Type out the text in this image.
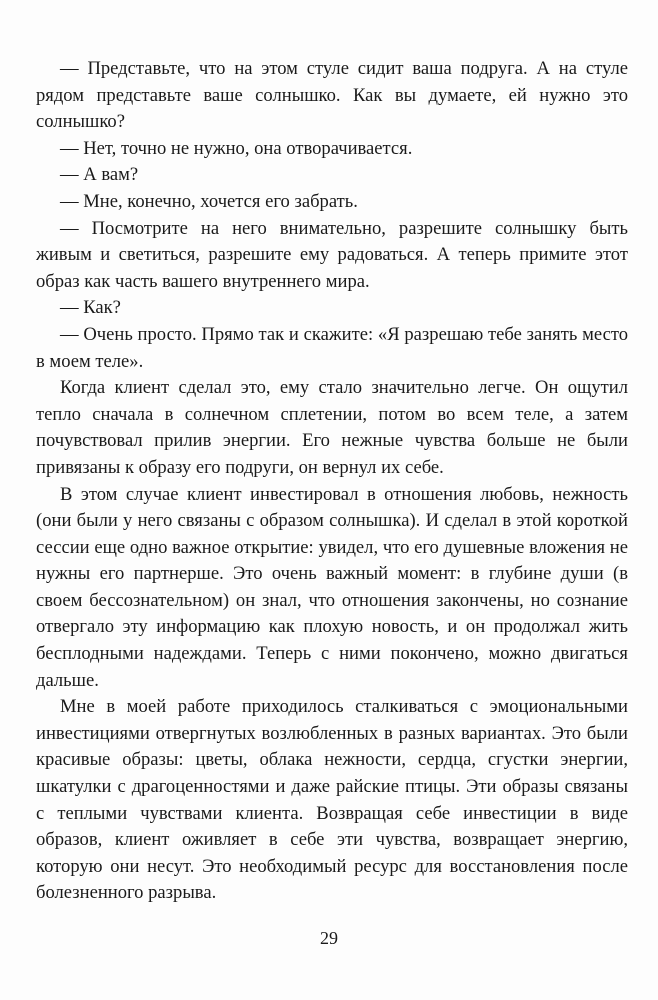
— Представьте, что на этом стуле сидит ваша подруга. А на стуле рядом представьте ваше солнышко. Как вы думаете, ей нужно это солнышко?

— Нет, точно не нужно, она отворачивается.

— А вам?

— Мне, конечно, хочется его забрать.

— Посмотрите на него внимательно, разрешите солнышку быть живым и светиться, разрешите ему радоваться. А теперь примите этот образ как часть вашего внутреннего мира.

— Как?

— Очень просто. Прямо так и скажите: «Я разрешаю тебе занять место в моем теле».

Когда клиент сделал это, ему стало значительно легче. Он ощутил тепло сначала в солнечном сплетении, потом во всем теле, а затем почувствовал прилив энергии. Его нежные чувства больше не были привязаны к образу его подруги, он вернул их себе.

В этом случае клиент инвестировал в отношения любовь, нежность (они были у него связаны с образом солнышка). И сделал в этой короткой сессии еще одно важное открытие: увидел, что его душевные вложения не нужны его партнерше. Это очень важный момент: в глубине души (в своем бессознательном) он знал, что отношения закончены, но сознание отвергало эту информацию как плохую новость, и он продолжал жить бесплодными надеждами. Теперь с ними покончено, можно двигаться дальше.

Мне в моей работе приходилось сталкиваться с эмоциональными инвестициями отвергнутых возлюбленных в разных вариантах. Это были красивые образы: цветы, облака нежности, сердца, сгустки энергии, шкатулки с драгоценностями и даже райские птицы. Эти образы связаны с теплыми чувствами клиента. Возвращая себе инвестиции в виде образов, клиент оживляет в себе эти чувства, возвращает энергию, которую они несут. Это необходимый ресурс для восстановления после болезненного разрыва.

29
